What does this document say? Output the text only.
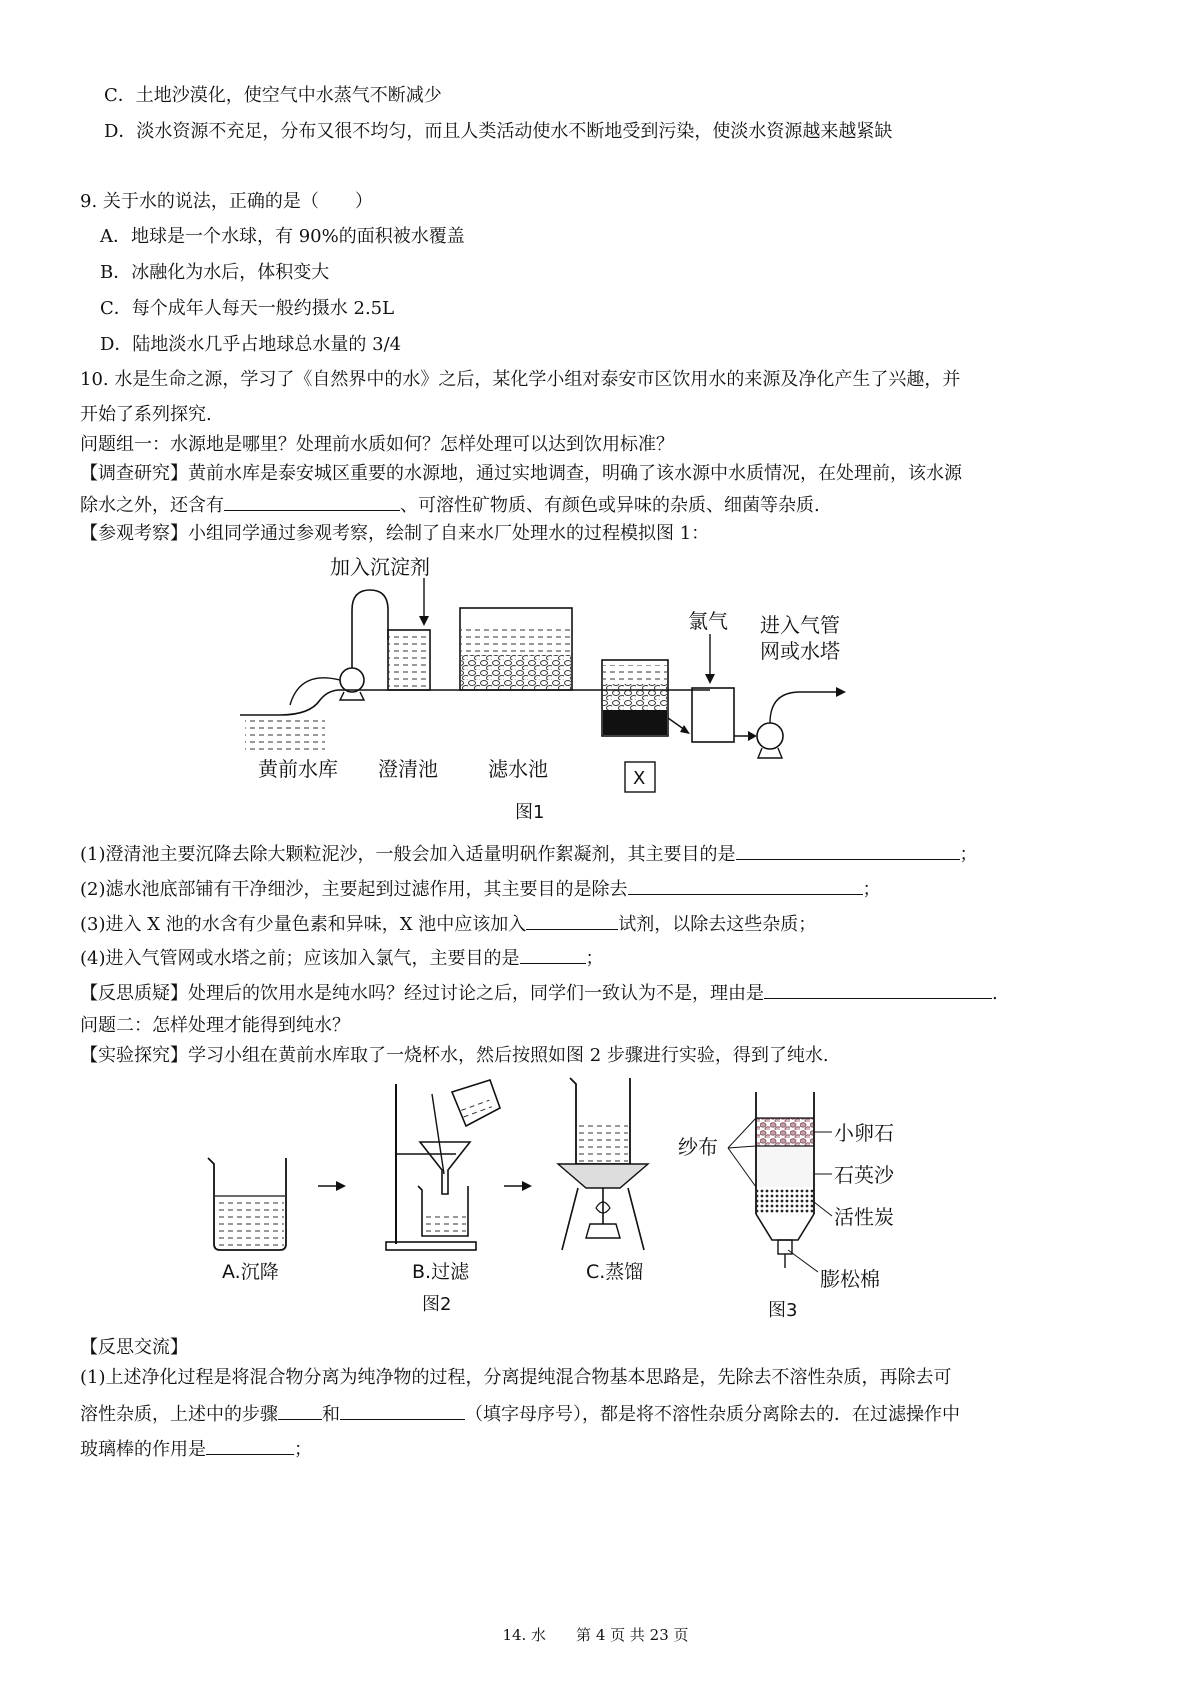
C．土地沙漠化，使空气中水蒸气不断减少
D．淡水资源不充足，分布又很不均匀，而且人类活动使水不断地受到污染，使淡水资源越来越紧缺
9. 关于水的说法，正确的是（　　）
A．地球是一个水球，有 90%的面积被水覆盖
B．冰融化为水后，体积变大
C．每个成年人每天一般约摄水 2.5L
D．陆地淡水几乎占地球总水量的 3/4
10. 水是生命之源，学习了《自然界中的水》之后，某化学小组对泰安市区饮用水的来源及净化产生了兴趣，并
开始了系列探究.
问题组一：水源地是哪里？处理前水质如何？怎样处理可以达到饮用标准？
【调查研究】黄前水库是泰安城区重要的水源地，通过实地调查，明确了该水源中水质情况，在处理前，该水源
除水之外，还含有	、可溶性矿物质、有颜色或异味的杂质、细菌等杂质.
【参观考察】小组同学通过参观考察，绘制了自来水厂处理水的过程模拟图 1：
加入沉淀剂
氯气 进入气管
网或水塔
黄前水库 澄清池	滤水池	X
图1
(1)澄清池主要沉降去除大颗粒泥沙，一般会加入适量明矾作絮凝剂，其主要目的是	；
(2)滤水池底部铺有干净细沙，主要起到过滤作用，其主要目的是除去	；
(3)进入 X 池的水含有少量色素和异味，X 池中应该加入	试剂，以除去这些杂质；
(4)进入气管网或水塔之前；应该加入氯气，主要目的是	；
【反思质疑】处理后的饮用水是纯水吗？经过讨论之后，同学们一致认为不是，理由是	.
问题二：怎样处理才能得到纯水？
【实验探究】学习小组在黄前水库取了一烧杯水，然后按照如图 2 步骤进行实验，得到了纯水.
纱布
小卵石
石英沙
活性炭
膨松棉
A.沉降	B.过滤	C.蒸馏
图2	图3
【反思交流】
(1)上述净化过程是将混合物分离为纯净物的过程，分离提纯混合物基本思路是，先除去不溶性杂质，再除去可
溶性杂质，上述中的步骤 和	（填字母序号），都是将不溶性杂质分离除去的．在过滤操作中
玻璃棒的作用是	；
14. 水　　第 4 页 共 23 页
